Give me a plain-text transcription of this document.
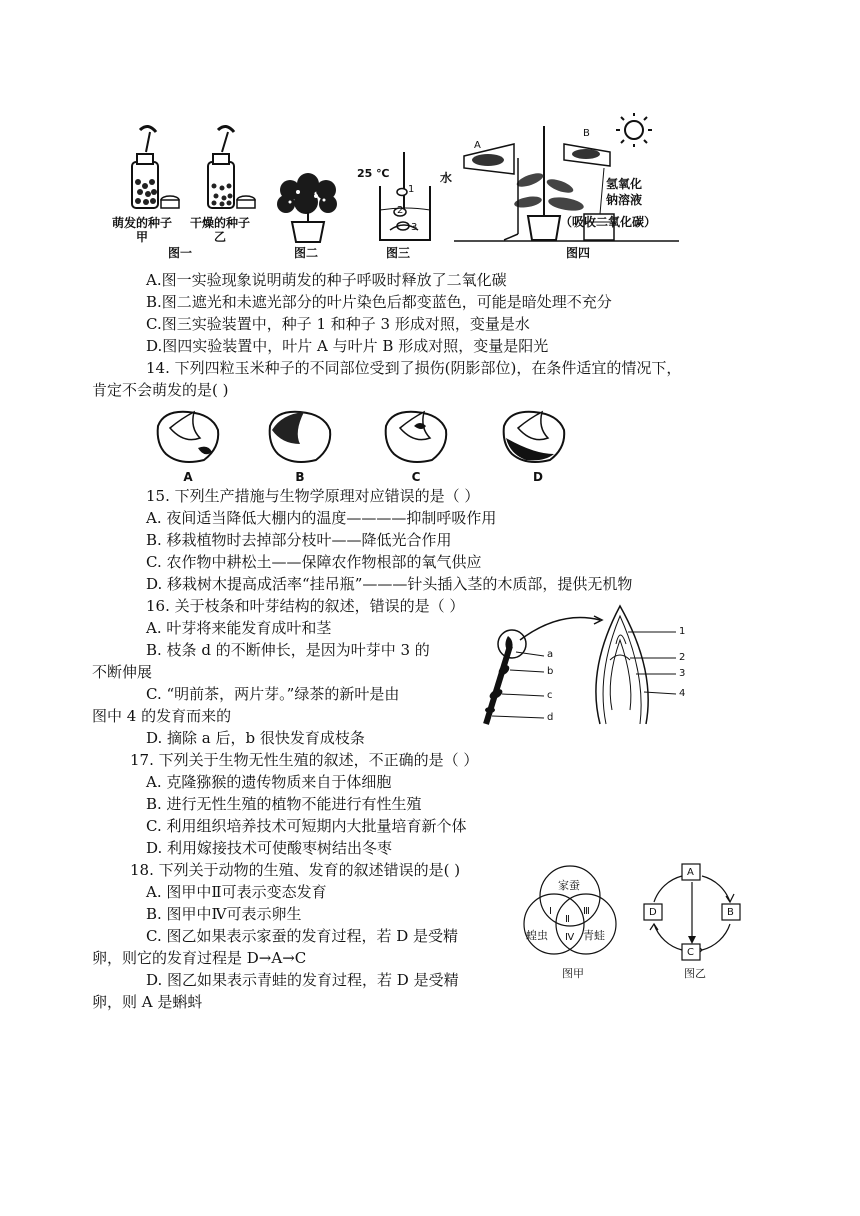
萌发的种子
甲
干燥的种子
乙
图一	图二
25 ℃
1
2
3
图三
A
B
水	氢氧化
钠溶液
（吸收二氧化碳）
图四
A.图一实验现象说明萌发的种子呼吸时释放了二氧化碳
B.图二遮光和未遮光部分的叶片染色后都变蓝色，可能是暗处理不充分
C.图三实验装置中，种子 1 和种子 3 形成对照，变量是水
D.图四实验装置中，叶片 A 与叶片 B 形成对照，变量是阳光
14. 下列四粒玉米种子的不同部位受到了损伤(阴影部位)，在条件适宜的情况下，
肯定不会萌发的是( )
A	B	C	D
15. 下列生产措施与生物学原理对应错误的是（ ）
A. 夜间适当降低大棚内的温度————抑制呼吸作用
B. 移栽植物时去掉部分枝叶——降低光合作用
C. 农作物中耕松土——保障农作物根部的氧气供应
D. 移栽树木提高成活率“挂吊瓶”———针头插入茎的木质部，提供无机物
16. 关于枝条和叶芽结构的叙述，错误的是（ ）
A. 叶芽将来能发育成叶和茎
B. 枝条 d 的不断伸长，是因为叶芽中 3 的
不断伸展
C. “明前茶，两片芽。”绿茶的新叶是由
图中 4 的发育而来的
D. 摘除 a 后，b 很快发育成枝条
a
b
c
d
1
2
3
4
17. 下列关于生物无性生殖的叙述，不正确的是（ ）
A. 克隆猕猴的遗传物质来自于体细胞
B. 进行无性生殖的植物不能进行有性生殖
C. 利用组织培养技术可短期内大批量培育新个体
D. 利用嫁接技术可使酸枣树结出冬枣
18. 下列关于动物的生殖、发育的叙述错误的是( )
A. 图甲中Ⅱ可表示变态发育
B. 图甲中Ⅳ可表示卵生
C. 图乙如果表示家蚕的发育过程，若 D 是受精
卵，则它的发育过程是 D→A→C
D. 图乙如果表示青蛙的发育过程，若 D 是受精
卵，则 A 是蝌蚪
家蚕
蝗虫	青蛙
Ⅰ
Ⅱ
Ⅲ
Ⅳ
图甲
A
B
C
D
图乙
